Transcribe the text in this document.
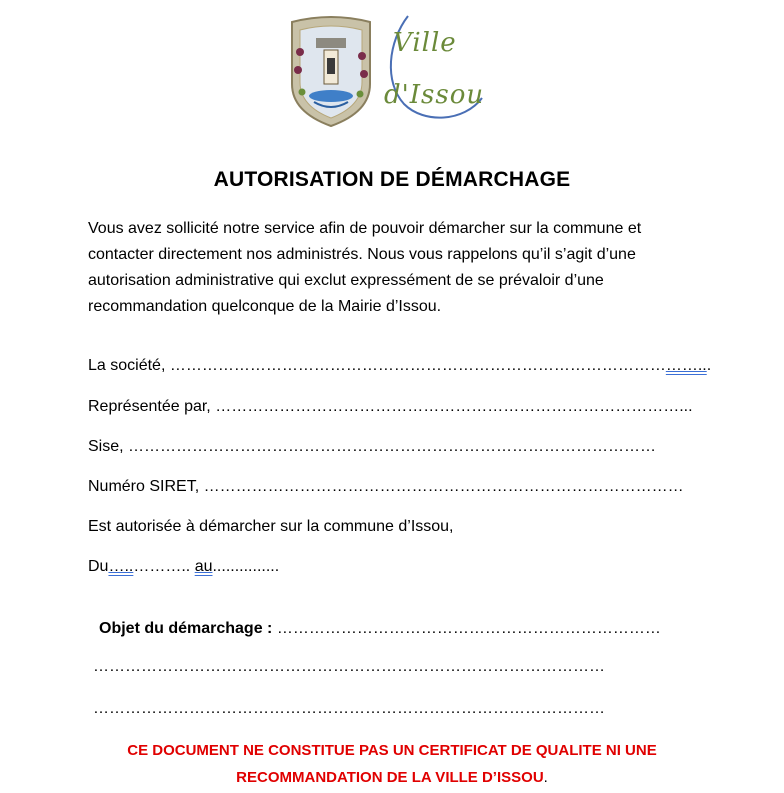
Ville
d'Issou
AUTORISATION DE DÉMARCHAGE

Vous avez sollicité notre service afin de pouvoir démarcher sur la commune et contacter directement nos administrés. Nous vous rappelons qu’il s’agit d’une autorisation administrative qui exclut expressément de se prévaloir d’une recommandation quelconque de la Mairie d’Issou.

La société, ………………………………………………………………………………………...
Représentée par, ……………………………………………………………………………...
Sise, ………………………………………………………………………………………
Numéro SIRET, ………………………………………………………………………………
Est autorisée à démarcher sur la commune d’Issou,
Du…..……….. au...............
Objet du démarchage : ………………………………………………………………
……………………………………………………………………………………
……………………………………………………………………………………

CE DOCUMENT NE CONSTITUE PAS UN CERTIFICAT DE QUALITE NI UNE
RECOMMANDATION DE LA VILLE D’ISSOU.
